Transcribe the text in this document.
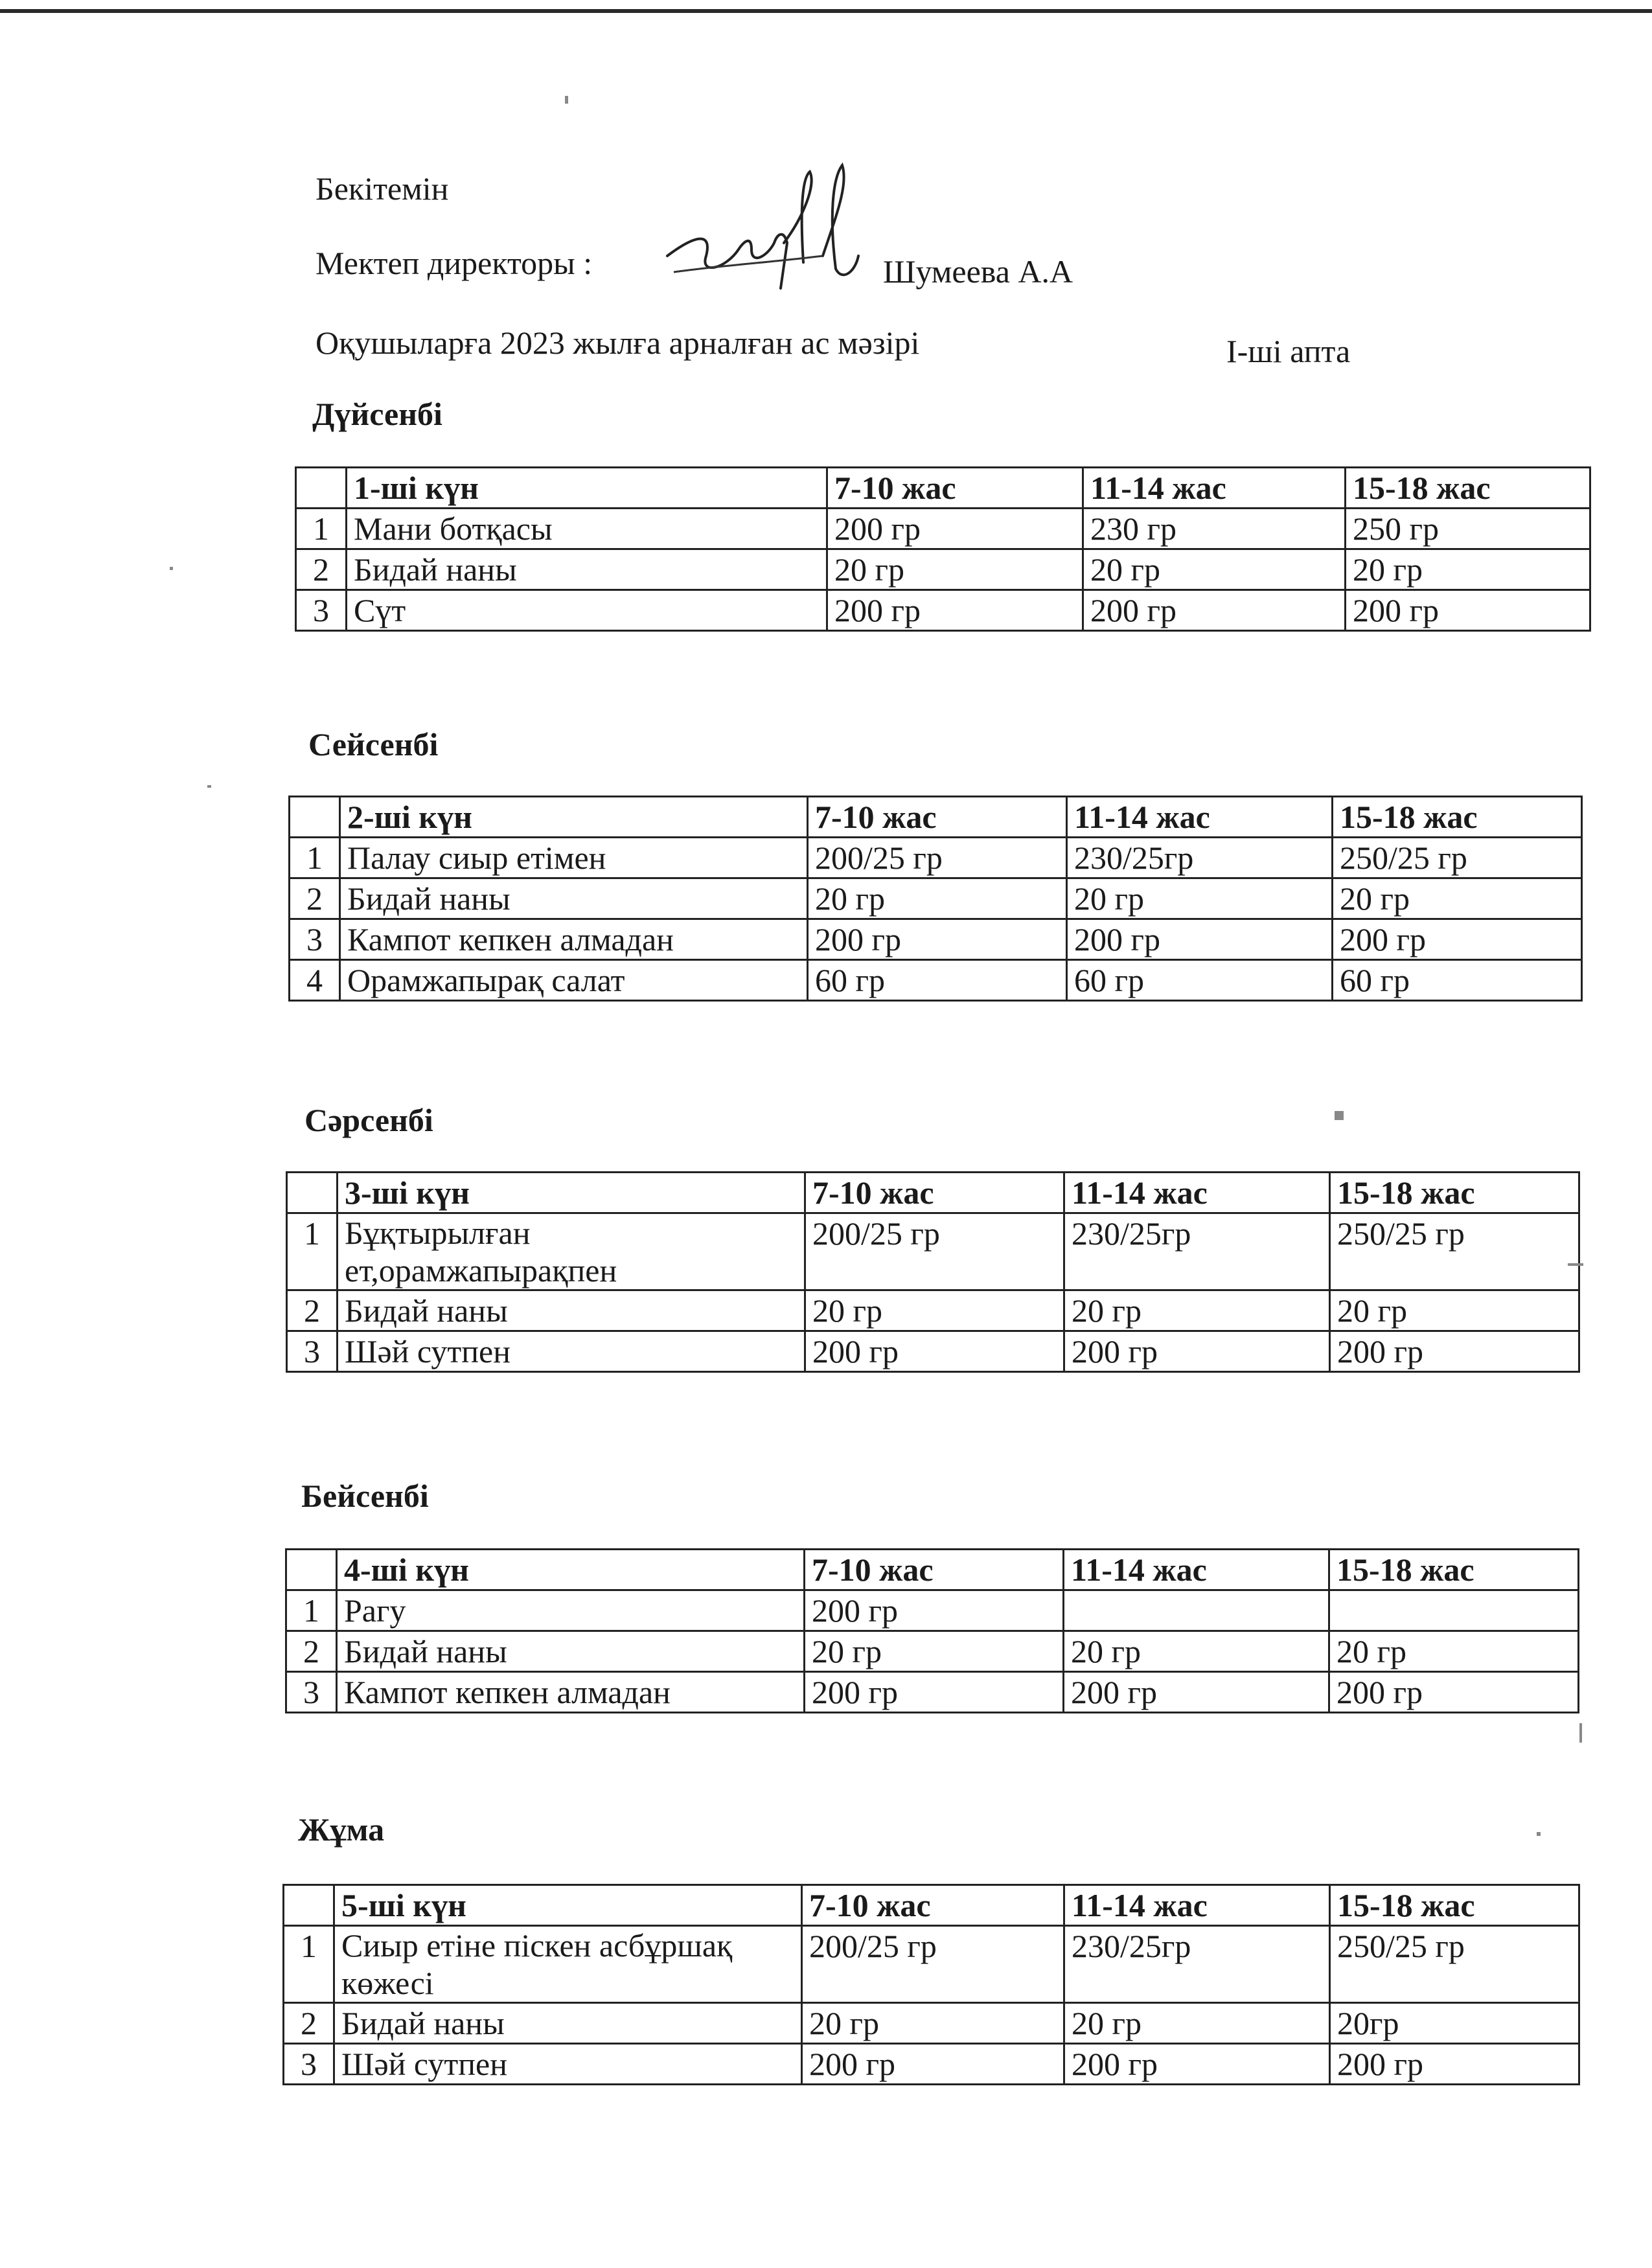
Бекітемін
Мектеп директоры :	Шумеева А.А
Оқушыларға 2023 жылға арналған ас мәзірі	І-ші апта
Дүйсенбі
	1-ші күн	7-10 жас	11-14 жас	15-18 жас
1	Мани ботқасы	200 гр	230 гр	250 гр
2	Бидай наны	20 гр	20 гр	20 гр
3	Сүт	200 гр	200 гр	200 гр
Сейсенбі
	2-ші күн	7-10 жас	11-14 жас	15-18 жас
1	Палау сиыр етімен	200/25 гр	230/25гр	250/25 гр
2	Бидай наны	20 гр	20 гр	20 гр
3	Кампот кепкен алмадан	200 гр	200 гр	200 гр
4	Орамжапырақ салат	60 гр	60 гр	60 гр
Сәрсенбі
	3-ші күн	7-10 жас	11-14 жас	15-18 жас
1	Бұқтырылған ет,орамжапырақпен	200/25 гр	230/25гр	250/25 гр
2	Бидай наны	20 гр	20 гр	20 гр
3	Шәй сутпен	200 гр	200 гр	200 гр
Бейсенбі
	4-ші күн	7-10 жас	11-14 жас	15-18 жас
1	Рагу	200 гр		
2	Бидай наны	20 гр	20 гр	20 гр
3	Кампот кепкен алмадан	200 гр	200 гр	200 гр
Жұма
	5-ші күн	7-10 жас	11-14 жас	15-18 жас
1	Сиыр етіне піскен асбұршақ көжесі	200/25 гр	230/25гр	250/25 гр
2	Бидай наны	20 гр	20 гр	20гр
3	Шәй сутпен	200 гр	200 гр	200 гр
